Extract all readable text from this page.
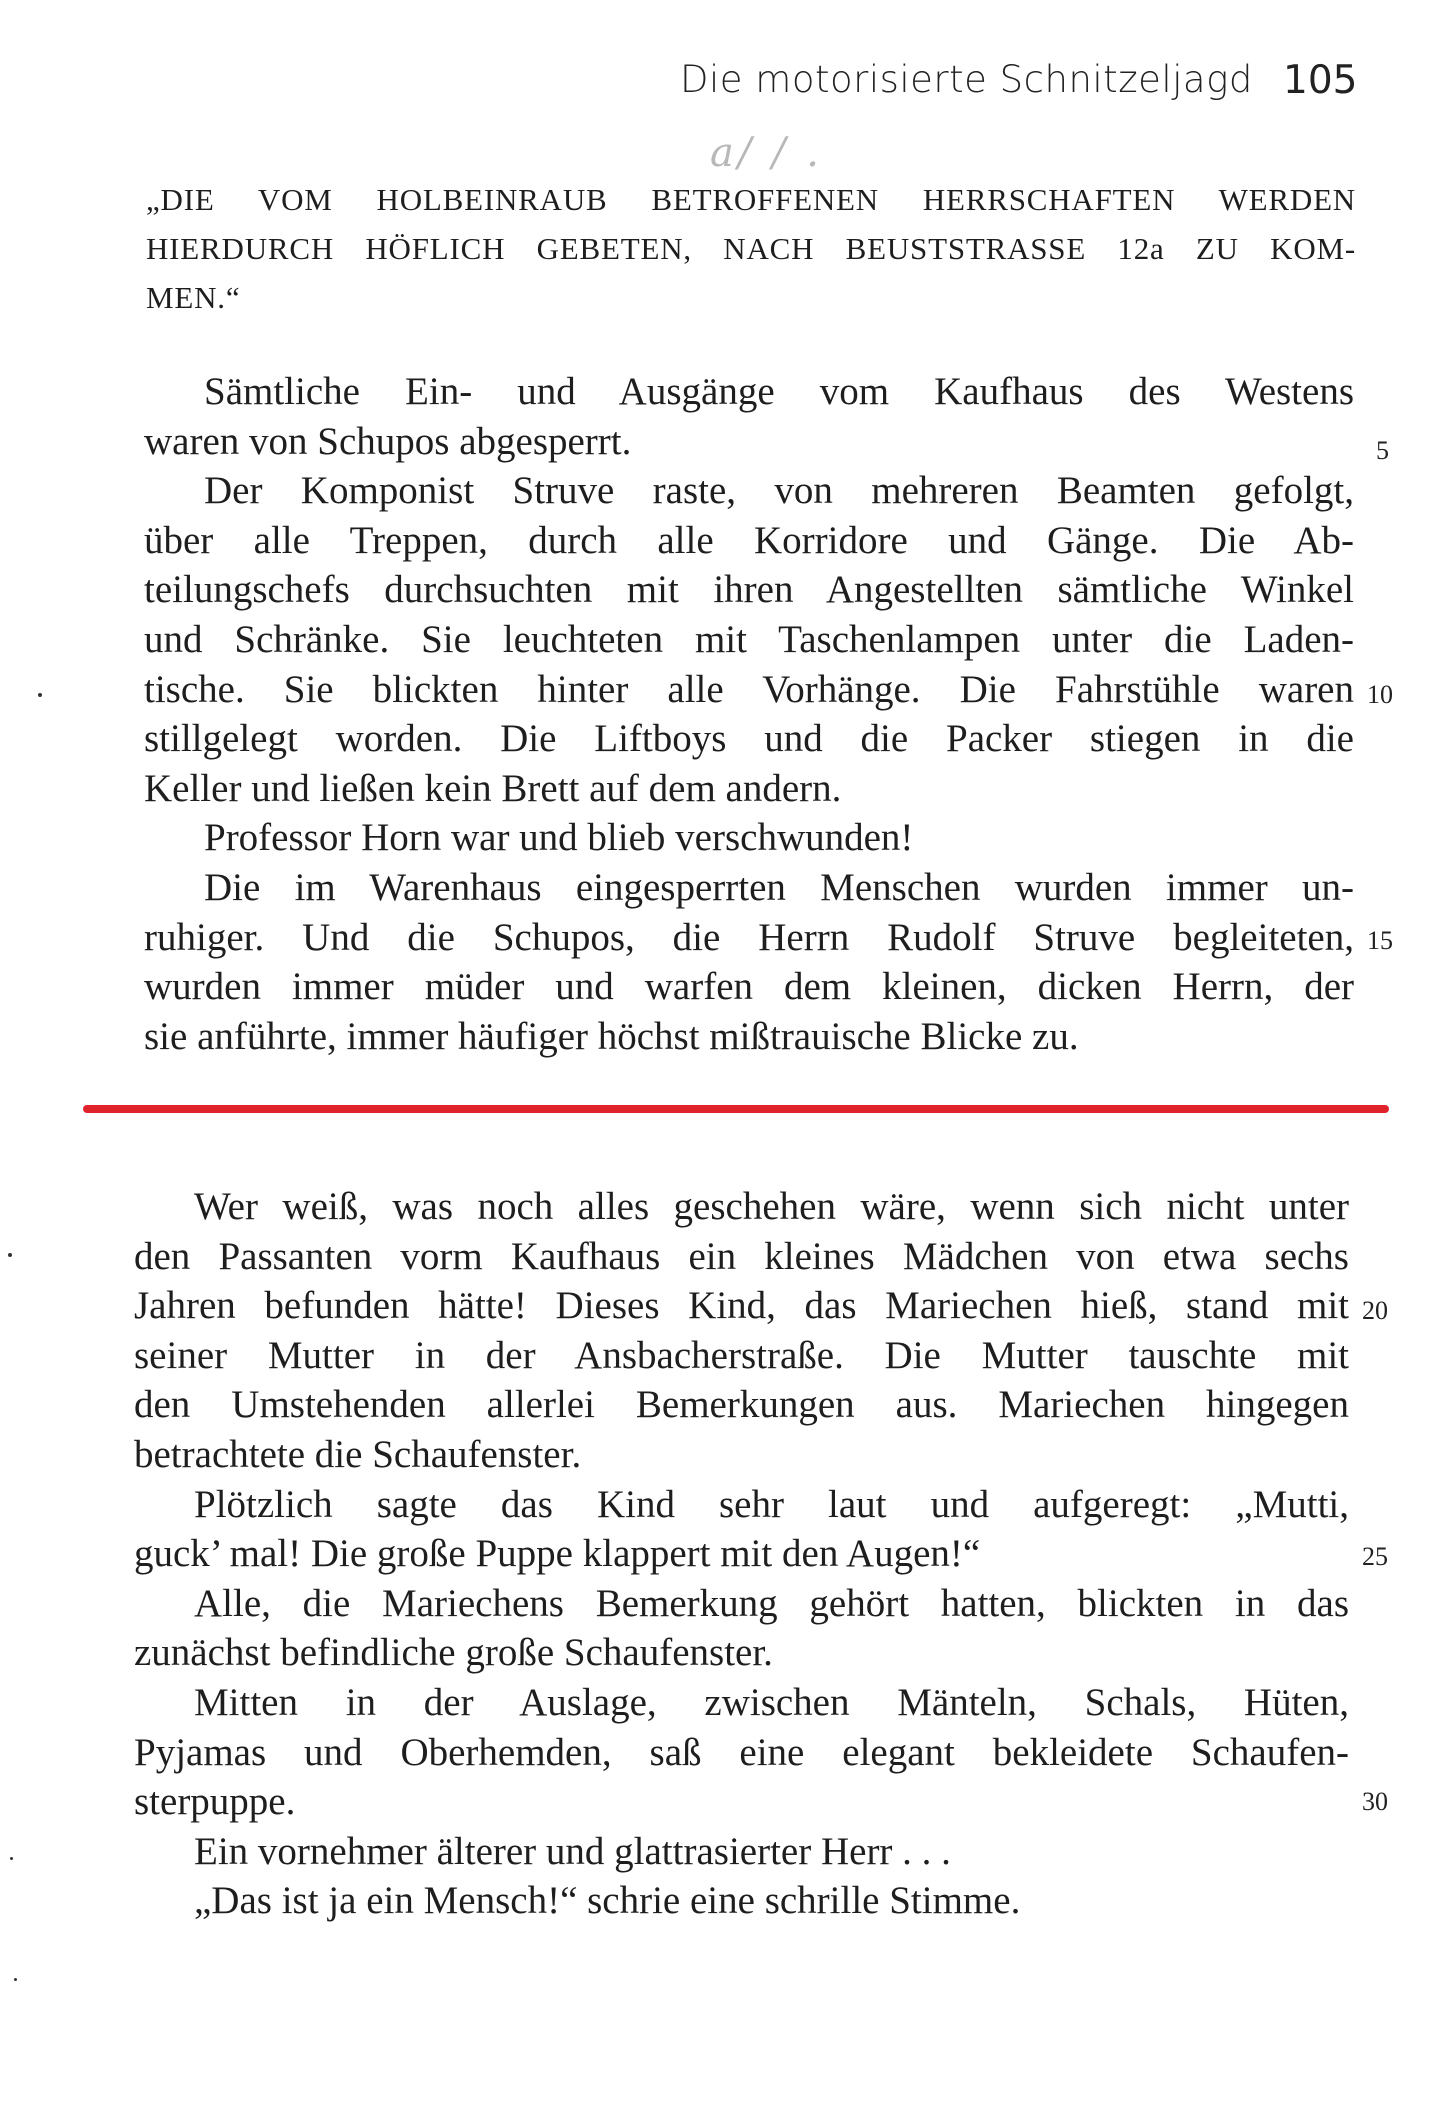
Die motorisierte Schnitzeljagd 105
a/ / .
„DIE VOM HOLBEINRAUB BETROFFENEN HERRSCHAFTEN WERDEN
HIERDURCH HÖFLICH GEBETEN, NACH BEUSTSTRASSE 12a ZU KOM-
MEN.“
Sämtliche Ein- und Ausgänge vom Kaufhaus des Westens
waren von Schupos abgesperrt.
Der Komponist Struve raste, von mehreren Beamten gefolgt,
über alle Treppen, durch alle Korridore und Gänge. Die Ab-
teilungschefs durchsuchten mit ihren Angestellten sämtliche Winkel
und Schränke. Sie leuchteten mit Taschenlampen unter die Laden-
tische. Sie blickten hinter alle Vorhänge. Die Fahrstühle waren
stillgelegt worden. Die Liftboys und die Packer stiegen in die
Keller und ließen kein Brett auf dem andern.
Professor Horn war und blieb verschwunden!
Die im Warenhaus eingesperrten Menschen wurden immer un-
ruhiger. Und die Schupos, die Herrn Rudolf Struve begleiteten,
wurden immer müder und warfen dem kleinen, dicken Herrn, der
sie anführte, immer häufiger höchst mißtrauische Blicke zu.
Wer weiß, was noch alles geschehen wäre, wenn sich nicht unter
den Passanten vorm Kaufhaus ein kleines Mädchen von etwa sechs
Jahren befunden hätte! Dieses Kind, das Mariechen hieß, stand mit
seiner Mutter in der Ansbacherstraße. Die Mutter tauschte mit
den Umstehenden allerlei Bemerkungen aus. Mariechen hingegen
betrachtete die Schaufenster.
Plötzlich sagte das Kind sehr laut und aufgeregt: „Mutti,
guck’ mal! Die große Puppe klappert mit den Augen!“
Alle, die Mariechens Bemerkung gehört hatten, blickten in das
zunächst befindliche große Schaufenster.
Mitten in der Auslage, zwischen Mänteln, Schals, Hüten,
Pyjamas und Oberhemden, saß eine elegant bekleidete Schaufen-
sterpuppe.
Ein vornehmer älterer und glattrasierter Herr . . .
„Das ist ja ein Mensch!“ schrie eine schrille Stimme.
5
10
15
20
25
30
